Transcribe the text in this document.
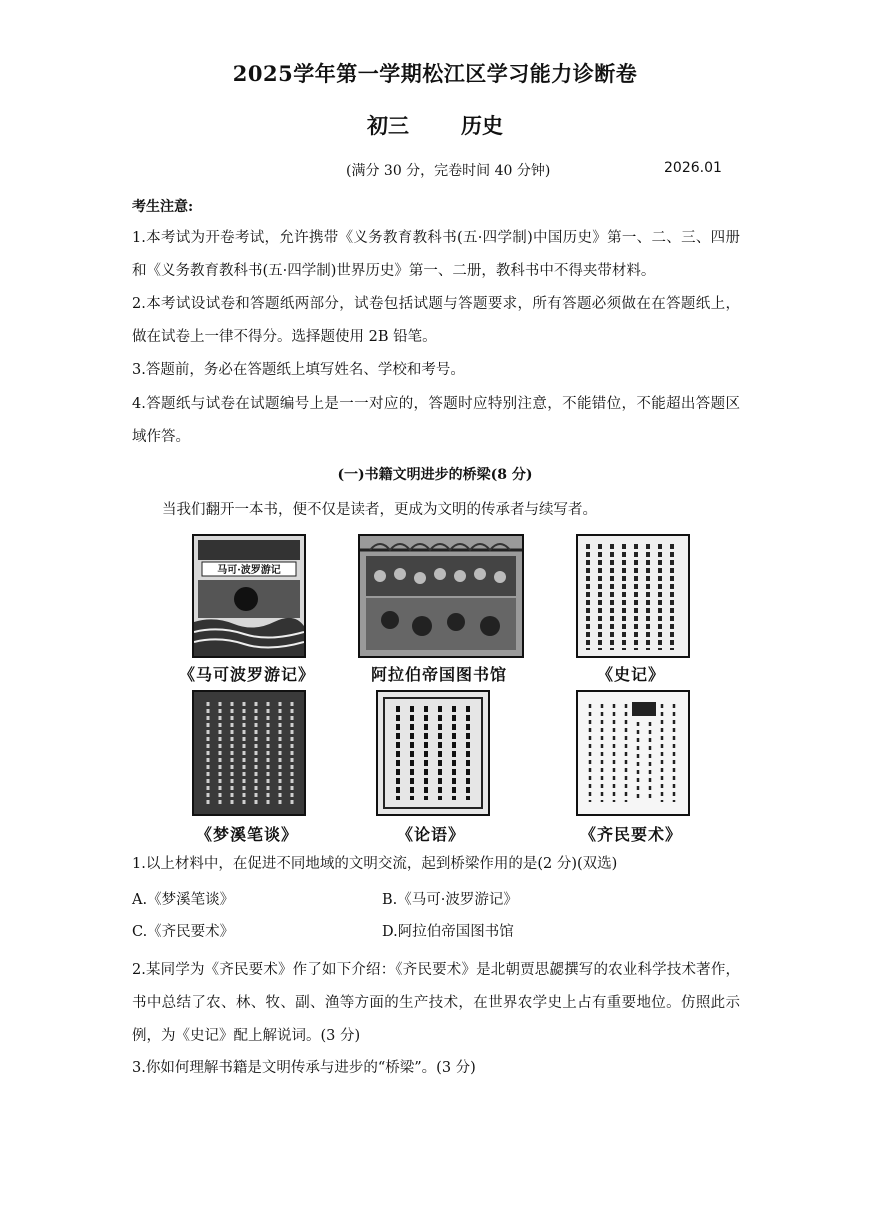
2025学年第一学期松江区学习能力诊断卷
初三 历史
(满分 30 分，完卷时间 40 分钟)	2026.01
考生注意:
1.本考试为开卷考试，允许携带《义务教育教科书(五·四学制)中国历史》第一、二、三、四册和《义务教育教科书(五·四学制)世界历史》第一、二册，教科书中不得夹带材料。
2.本考试设试卷和答题纸两部分，试卷包括试题与答题要求，所有答题必须做在在答题纸上，做在试卷上一律不得分。选择题使用 2B 铅笔。
3.答题前，务必在答题纸上填写姓名、学校和考号。
4.答题纸与试卷在试题编号上是一一对应的，答题时应特别注意，不能错位，不能超出答题区域作答。
(一)书籍文明进步的桥梁(8 分)
当我们翻开一本书，便不仅是读者，更成为文明的传承者与续写者。
马可·波罗游记
《马可波罗游记》	阿拉伯帝国图书馆	《史记》
《梦溪笔谈》	《论语》	《齐民要术》
1.以上材料中，在促进不同地域的文明交流，起到桥梁作用的是(2 分)(双选)
A.《梦溪笔谈》	B.《马可·波罗游记》
C.《齐民要术》	D.阿拉伯帝国图书馆
2.某同学为《齐民要术》作了如下介绍：《齐民要术》是北朝贾思勰撰写的农业科学技术著作，书中总结了农、林、牧、副、渔等方面的生产技术，在世界农学史上占有重要地位。仿照此示例，为《史记》配上解说词。(3 分)
3.你如何理解书籍是文明传承与进步的“桥梁”。(3 分)
